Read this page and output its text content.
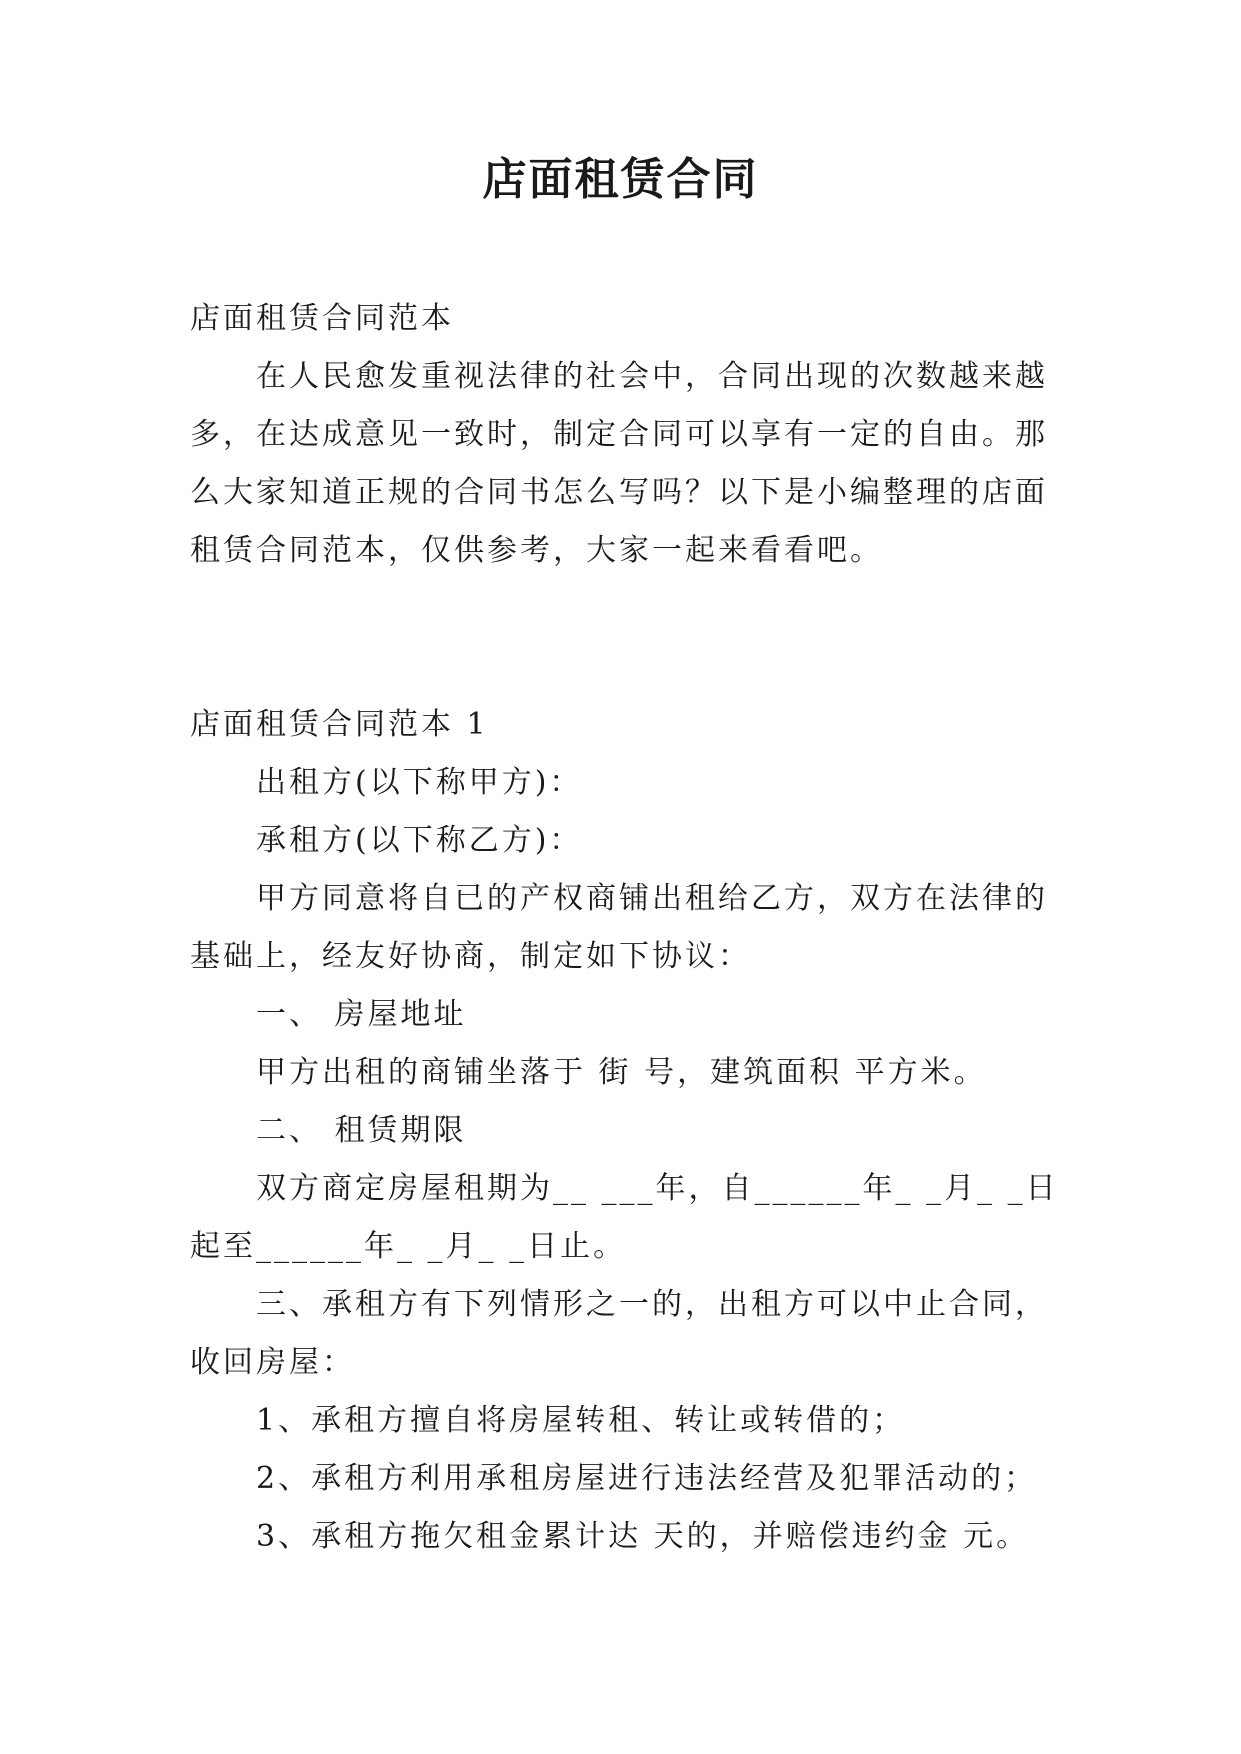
店面租赁合同

店面租赁合同范本

在人民愈发重视法律的社会中，合同出现的次数越来越多，在达成意见一致时，制定合同可以享有一定的自由。那么大家知道正规的合同书怎么写吗？以下是小编整理的店面租赁合同范本，仅供参考，大家一起来看看吧。

店面租赁合同范本 1

出租方(以下称甲方)：

承租方(以下称乙方)：

甲方同意将自已的产权商铺出租给乙方，双方在法律的基础上，经友好协商，制定如下协议：

一、 房屋地址

甲方出租的商铺坐落于 街 号，建筑面积 平方米。

二、 租赁期限

双方商定房屋租期为__ ___年，自______年_ _月_ _日起至______年_ _月_ _日止。

三、承租方有下列情形之一的，出租方可以中止合同，收回房屋：

1、承租方擅自将房屋转租、转让或转借的；

2、承租方利用承租房屋进行违法经营及犯罪活动的；

3、承租方拖欠租金累计达 天的，并赔偿违约金 元。
